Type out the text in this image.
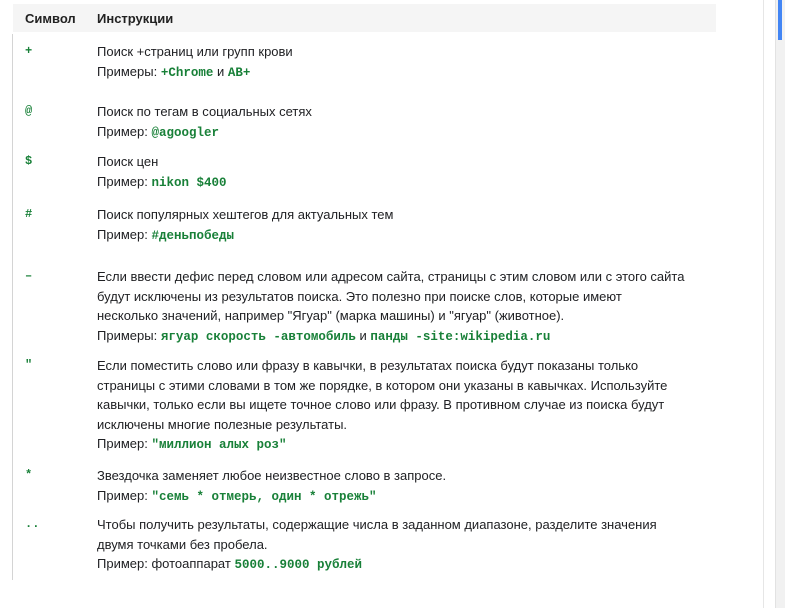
Символ	Инструкции
+	Поиск +страниц или групп крови
Примеры: +Chrome и AB+
@	Поиск по тегам в социальных сетях
Пример: @agoogler
$	Поиск цен
Пример: nikon $400
#	Поиск популярных хештегов для актуальных тем
Пример: #деньпобеды
–	Если ввести дефис перед словом или адресом сайта, страницы с этим словом или с этого сайта
будут исключены из результатов поиска. Это полезно при поиске слов, которые имеют
несколько значений, например "Ягуар" (марка машины) и "ягуар" (животное).
Примеры: ягуар скорость -автомобиль и панды -site:wikipedia.ru
"	Если поместить слово или фразу в кавычки, в результатах поиска будут показаны только
страницы с этими словами в том же порядке, в котором они указаны в кавычках. Используйте
кавычки, только если вы ищете точное слово или фразу. В противном случае из поиска будут
исключены многие полезные результаты.
Пример: "миллион алых роз"
*	Звездочка заменяет любое неизвестное слово в запросе.
Пример: "семь * отмерь, один * отрежь"
..	Чтобы получить результаты, содержащие числа в заданном диапазоне, разделите значения
двумя точками без пробела.
Пример: фотоаппарат 5000..9000 рублей
